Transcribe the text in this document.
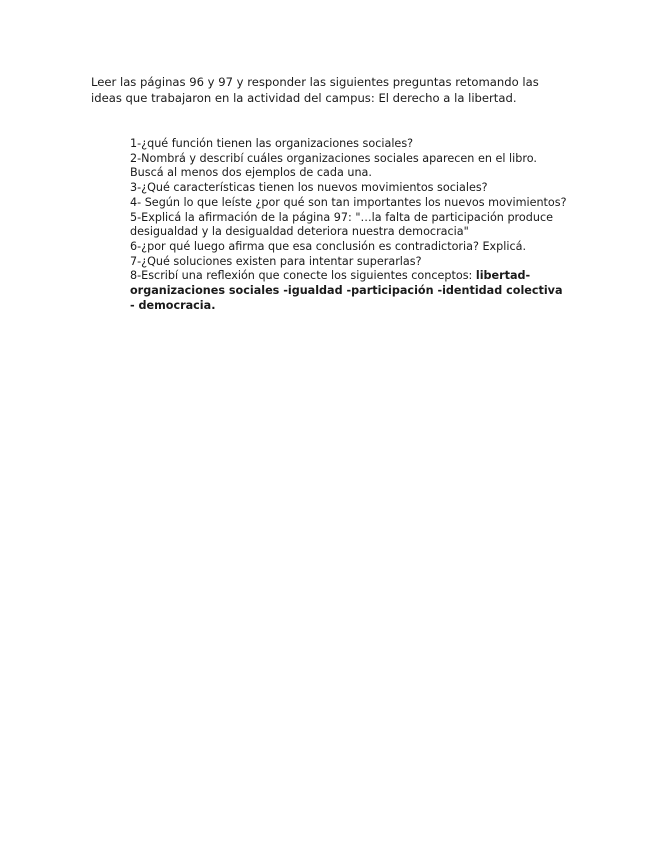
Leer las páginas 96 y 97 y responder las siguientes preguntas retomando las ideas que trabajaron en la actividad del campus: El derecho a la libertad.
1-¿qué función tienen las organizaciones sociales?
2-Nombrá y describí cuáles organizaciones sociales aparecen en el libro. Buscá al menos dos ejemplos de cada una.
3-¿Qué características tienen los nuevos movimientos sociales?
4- Según lo que leíste ¿por qué son tan importantes los nuevos movimientos?
5-Explicá la afirmación de la página 97: "…la falta de participación produce desigualdad y la desigualdad deteriora nuestra democracia"
6-¿por qué luego afirma que esa conclusión es contradictoria? Explicá.
7-¿Qué soluciones existen para intentar superarlas?
8-Escribí una reflexión que conecte los siguientes conceptos: libertad- organizaciones sociales -igualdad -participación -identidad colectiva - democracia.
